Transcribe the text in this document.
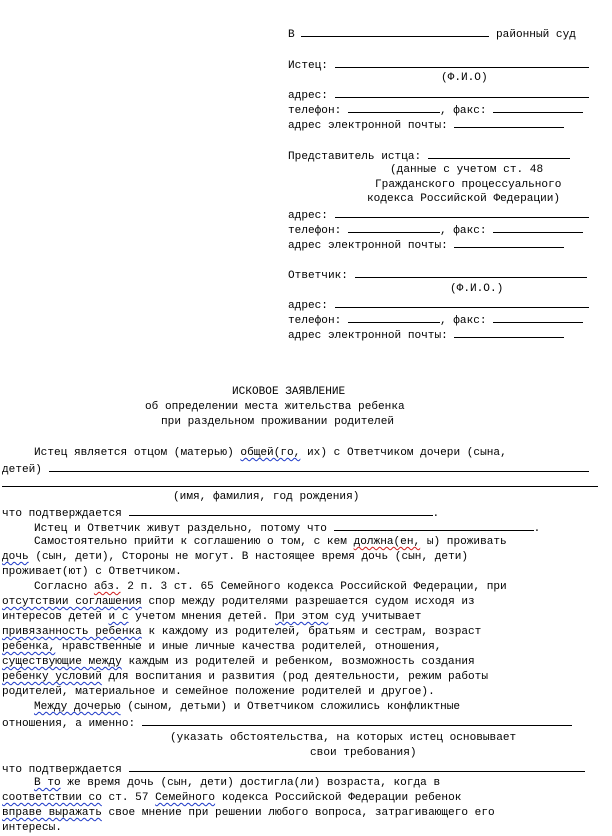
В	районный суд
Истец:
(Ф.И.О)
адрес:
телефон:	, факс:
адрес электронной почты:
Представитель истца:
(данные с учетом ст. 48
Гражданского процессуального
кодекса Российской Федерации)
адрес:
телефон:	, факс:
адрес электронной почты:
Ответчик:
(Ф.И.О.)
адрес:
телефон:	, факс:
адрес электронной почты:
ИСКОВОЕ ЗАЯВЛЕНИЕ
об определении места жительства ребенка
при раздельном проживании родителей
Истец является отцом (матерью) общей(го, их) с Ответчиком дочери (сына,
детей)
(имя, фамилия, год рождения)
что подтверждается	.
Истец и Ответчик живут раздельно, потому что	.
Самостоятельно прийти к соглашению о том, с кем должна(ен, ы) проживать
дочь (сын, дети), Стороны не могут. В настоящее время дочь (сын, дети)
проживает(ют) с Ответчиком.
Согласно абз. 2 п. 3 ст. 65 Семейного кодекса Российской Федерации, при
отсутствии соглашения спор между родителями разрешается судом исходя из
интересов детей и с учетом мнения детей. При этом суд учитывает
привязанность ребенка к каждому из родителей, братьям и сестрам, возраст
ребенка, нравственные и иные личные качества родителей, отношения,
существующие между каждым из родителей и ребенком, возможность создания
ребенку условий для воспитания и развития (род деятельности, режим работы
родителей, материальное и семейное положение родителей и другое).
Между дочерью (сыном, детьми) и Ответчиком сложились конфликтные
отношения, а именно:
(указать обстоятельства, на которых истец основывает
свои требования)
что подтверждается
В то же время дочь (сын, дети) достигла(ли) возраста, когда в
соответствии со ст. 57 Семейного кодекса Российской Федерации ребенок
вправе выражать свое мнение при решении любого вопроса, затрагивающего его
интересы.
